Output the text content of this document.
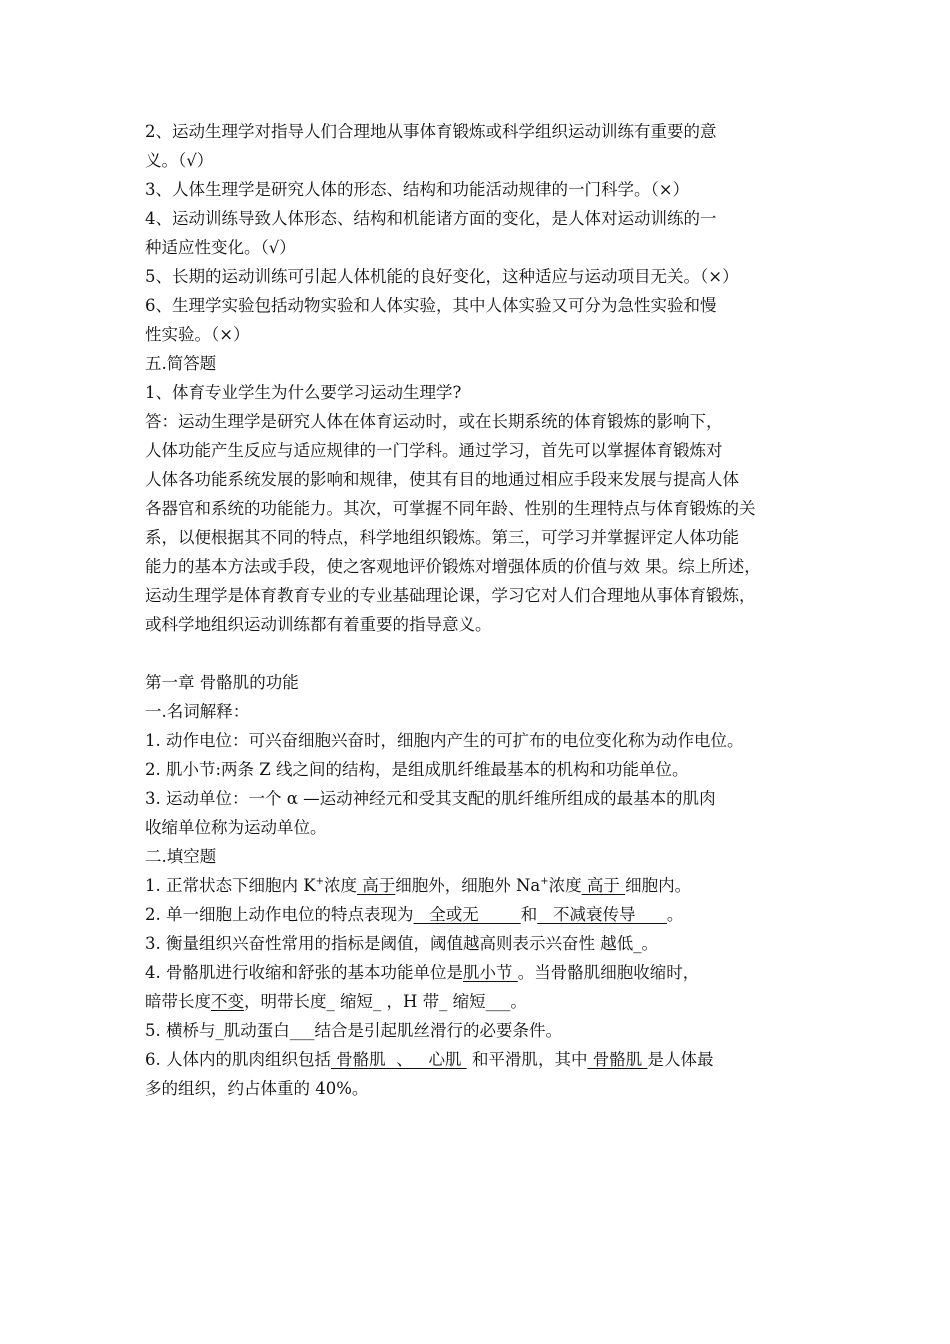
2、运动生理学对指导人们合理地从事体育锻炼或科学组织运动训练有重要的意
义。（√）
3、人体生理学是研究人体的形态、结构和功能活动规律的一门科学。（×）
4、运动训练导致人体形态、结构和机能诸方面的变化，是人体对运动训练的一
种适应性变化。（√）
5、长期的运动训练可引起人体机能的良好变化，这种适应与运动项目无关。（×）
6、生理学实验包括动物实验和人体实验，其中人体实验又可分为急性实验和慢
性实验。（×）
五.简答题
1、体育专业学生为什么要学习运动生理学?
答：运动生理学是研究人体在体育运动时，或在长期系统的体育锻炼的影响下，
人体功能产生反应与适应规律的一门学科。通过学习，首先可以掌握体育锻炼对
人体各功能系统发展的影响和规律，使其有目的地通过相应手段来发展与提高人体
各器官和系统的功能能力。其次，可掌握不同年龄、性别的生理特点与体育锻炼的关
系，以便根据其不同的特点，科学地组织锻炼。第三，可学习并掌握评定人体功能
能力的基本方法或手段，使之客观地评价锻炼对增强体质的价值与效 果。综上所述，
运动生理学是体育教育专业的专业基础理论课，学习它对人们合理地从事体育锻炼，
或科学地组织运动训练都有着重要的指导意义。
第一章 骨骼肌的功能
一.名词解释：
1. 动作电位：可兴奋细胞兴奋时，细胞内产生的可扩布的电位变化称为动作电位。
2. 肌小节:两条 Z 线之间的结构，是组成肌纤维最基本的机构和功能单位。
3. 运动单位：一个 α —运动神经元和受其支配的肌纤维所组成的最基本的肌肉
收缩单位称为运动单位。
二.填空题
1. 正常状态下细胞内 K+浓度 高于细胞外，细胞外 Na+浓度 高于 细胞内。
2. 单一细胞上动作电位的特点表现为   全或无        和   不减衰传导      。
3. 衡量组织兴奋性常用的指标是阈值，阈值越高则表示兴奋性 越低_。
4. 骨骼肌进行收缩和舒张的基本功能单位是肌小节 。当骨骼肌细胞收缩时，
暗带长度不变，明带长度_ 缩短_ ，H 带_ 缩短___。
5. 横桥与_肌动蛋白___结合是引起肌丝滑行的必要条件。
6. 人体内的肌肉组织包括 骨骼肌  、   心肌  和平滑肌，其中 骨骼肌 是人体最
多的组织，约占体重的 40%。
